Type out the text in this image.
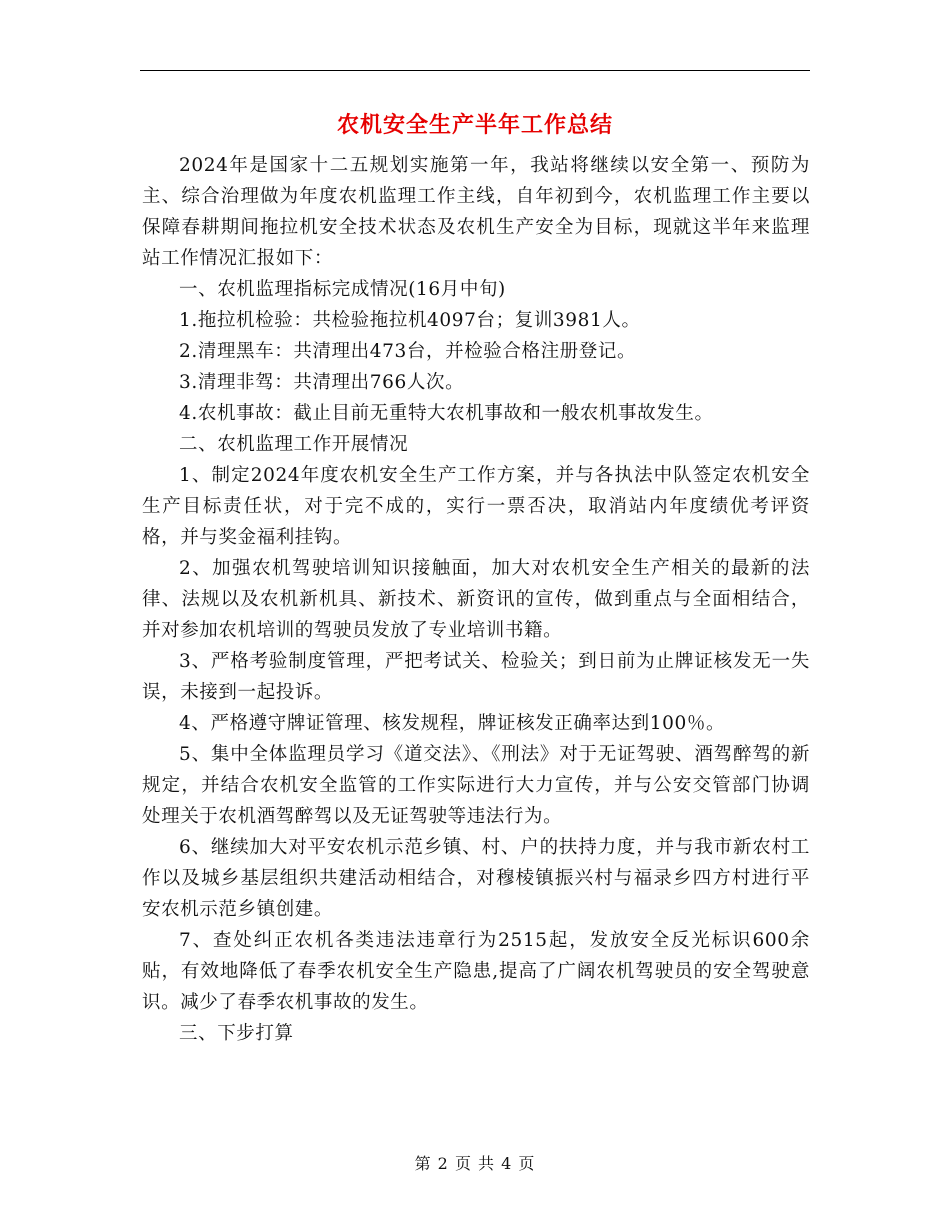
农机安全生产半年工作总结

2024年是国家十二五规划实施第一年，我站将继续以安全第一、预防为主、综合治理做为年度农机监理工作主线，自年初到今，农机监理工作主要以保障春耕期间拖拉机安全技术状态及农机生产安全为目标，现就这半年来监理站工作情况汇报如下：

一、农机监理指标完成情况(16月中旬)

1.拖拉机检验：共检验拖拉机4097台；复训3981人。

2.清理黑车：共清理出473台，并检验合格注册登记。

3.清理非驾：共清理出766人次。

4.农机事故：截止目前无重特大农机事故和一般农机事故发生。

二、农机监理工作开展情况

1、制定2024年度农机安全生产工作方案，并与各执法中队签定农机安全生产目标责任状，对于完不成的，实行一票否决，取消站内年度绩优考评资格，并与奖金福利挂钩。

2、加强农机驾驶培训知识接触面，加大对农机安全生产相关的最新的法律、法规以及农机新机具、新技术、新资讯的宣传，做到重点与全面相结合，并对参加农机培训的驾驶员发放了专业培训书籍。

3、严格考验制度管理，严把考试关、检验关；到日前为止牌证核发无一失误，未接到一起投诉。

4、严格遵守牌证管理、核发规程，牌证核发正确率达到100％。

5、集中全体监理员学习《道交法》、《刑法》对于无证驾驶、酒驾醉驾的新规定，并结合农机安全监管的工作实际进行大力宣传，并与公安交管部门协调处理关于农机酒驾醉驾以及无证驾驶等违法行为。

6、继续加大对平安农机示范乡镇、村、户的扶持力度，并与我市新农村工作以及城乡基层组织共建活动相结合，对穆棱镇振兴村与福录乡四方村进行平安农机示范乡镇创建。

7、查处纠正农机各类违法违章行为2515起，发放安全反光标识600余贴，有效地降低了春季农机安全生产隐患,提高了广阔农机驾驶员的安全驾驶意识。减少了春季农机事故的发生。

三、下步打算

第 2 页 共 4 页
